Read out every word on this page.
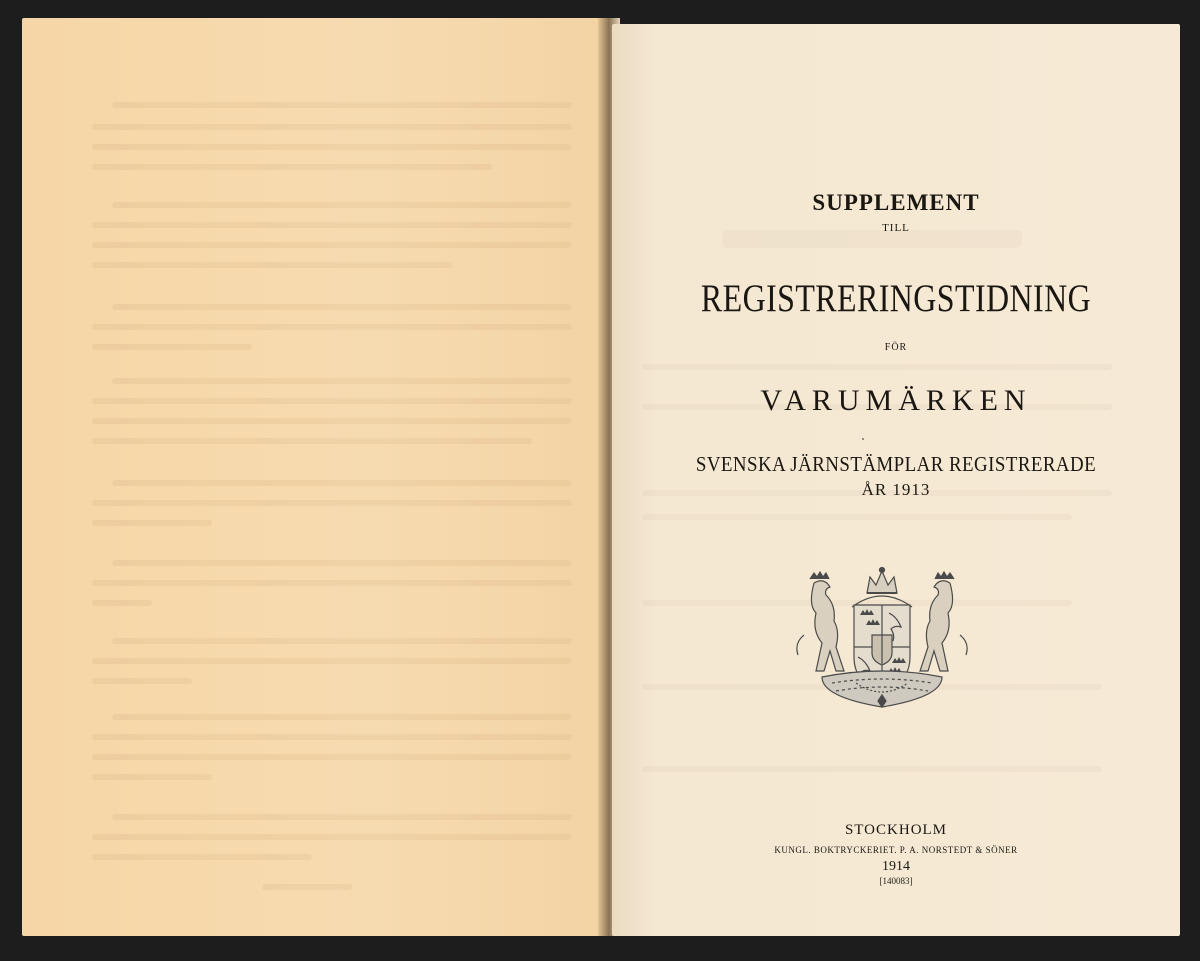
SUPPLEMENT
TILL
REGISTRERINGSTIDNING
FÖR
VARUMÄRKEN
SVENSKA JÄRNSTÄMPLAR REGISTRERADE
ÅR 1913
STOCKHOLM
KUNGL. BOKTRYCKERIET. P. A. NORSTEDT & SÖNER
1914
[140083]
